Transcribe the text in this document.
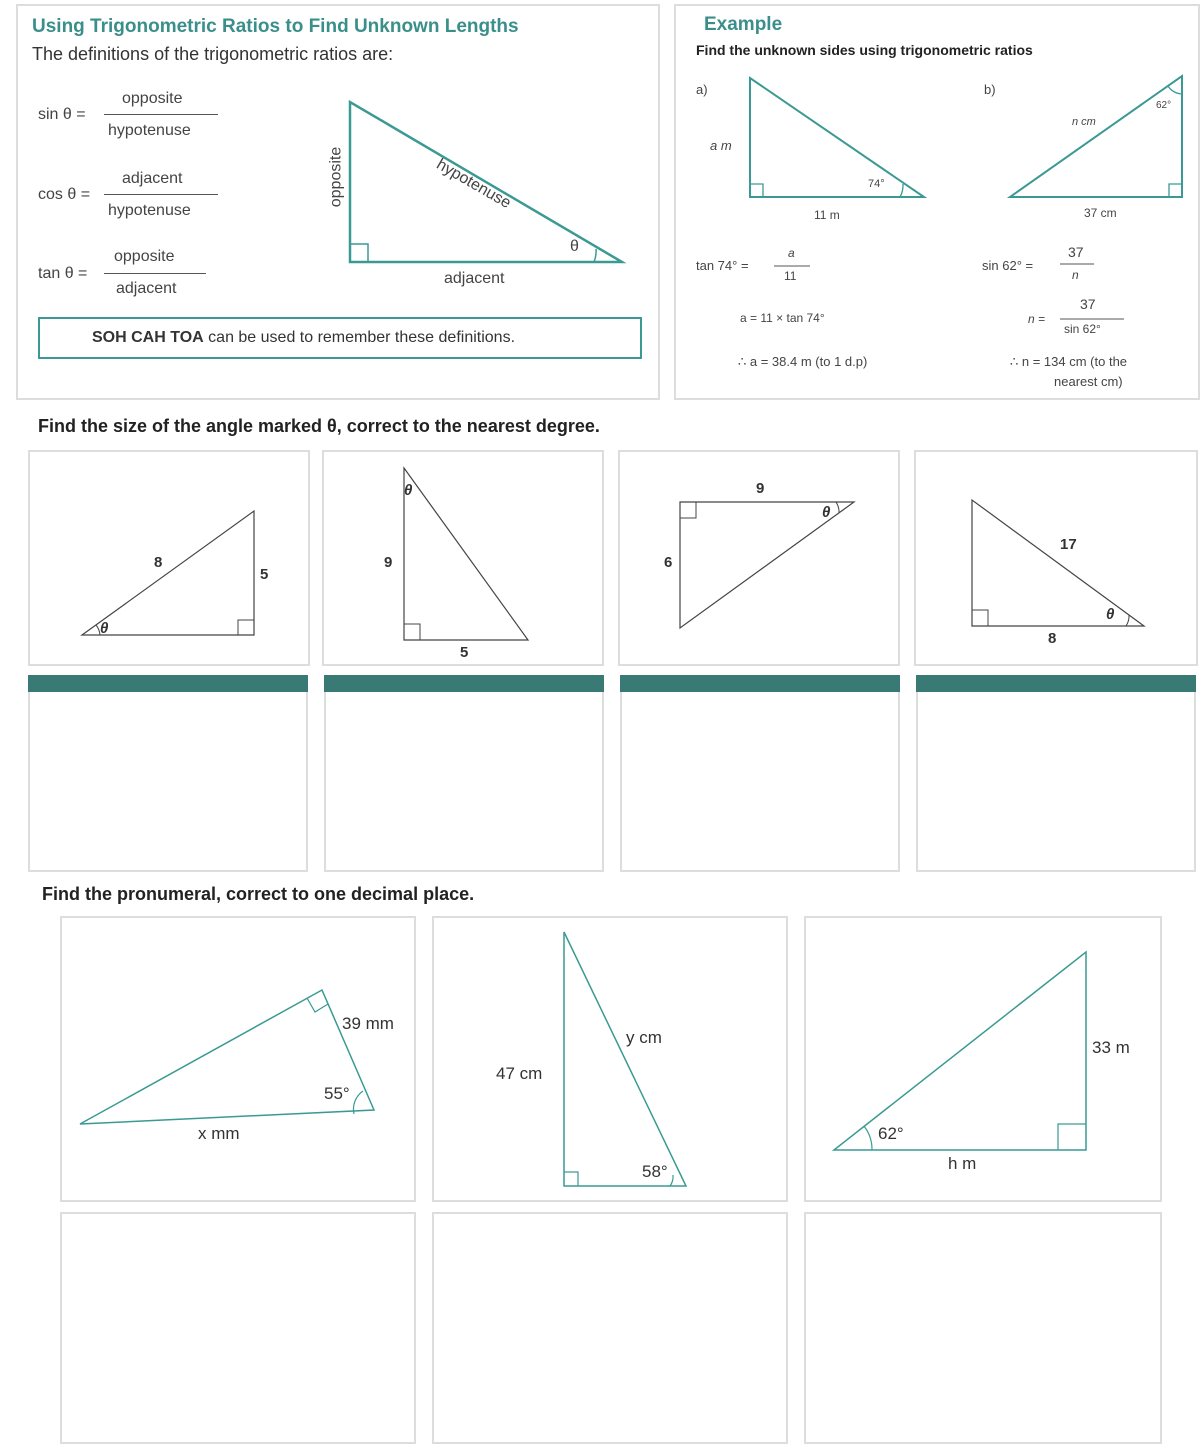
Using Trigonometric Ratios to Find Unknown Lengths
The definitions of the trigonometric ratios are:
sin θ =
opposite
hypotenuse
cos θ =
adjacent
hypotenuse
tan θ =
opposite
adjacent
opposite	hypotenuse
adjacent
θ
SOH CAH TOA can be used to remember these definitions.
Example
Find the unknown sides using trigonometric ratios
a)
a m
74°
11 m
tan 74° =
a
11
a = 11 × tan 74°
∴ a = 38.4 m (to 1 d.p)
b)
n cm
62°
37 cm
sin 62° =
37
n
n =
37
sin 62°
∴ n = 134 cm (to the
nearest cm)
Find the size of the angle marked θ, correct to the nearest degree.
8
5
θ
θ
9
5
9
θ
6
17
θ
8
Find the pronumeral, correct to one decimal place.
39 mm
55°
x mm
47 cm
y cm
58°
33 m
62°
h m
